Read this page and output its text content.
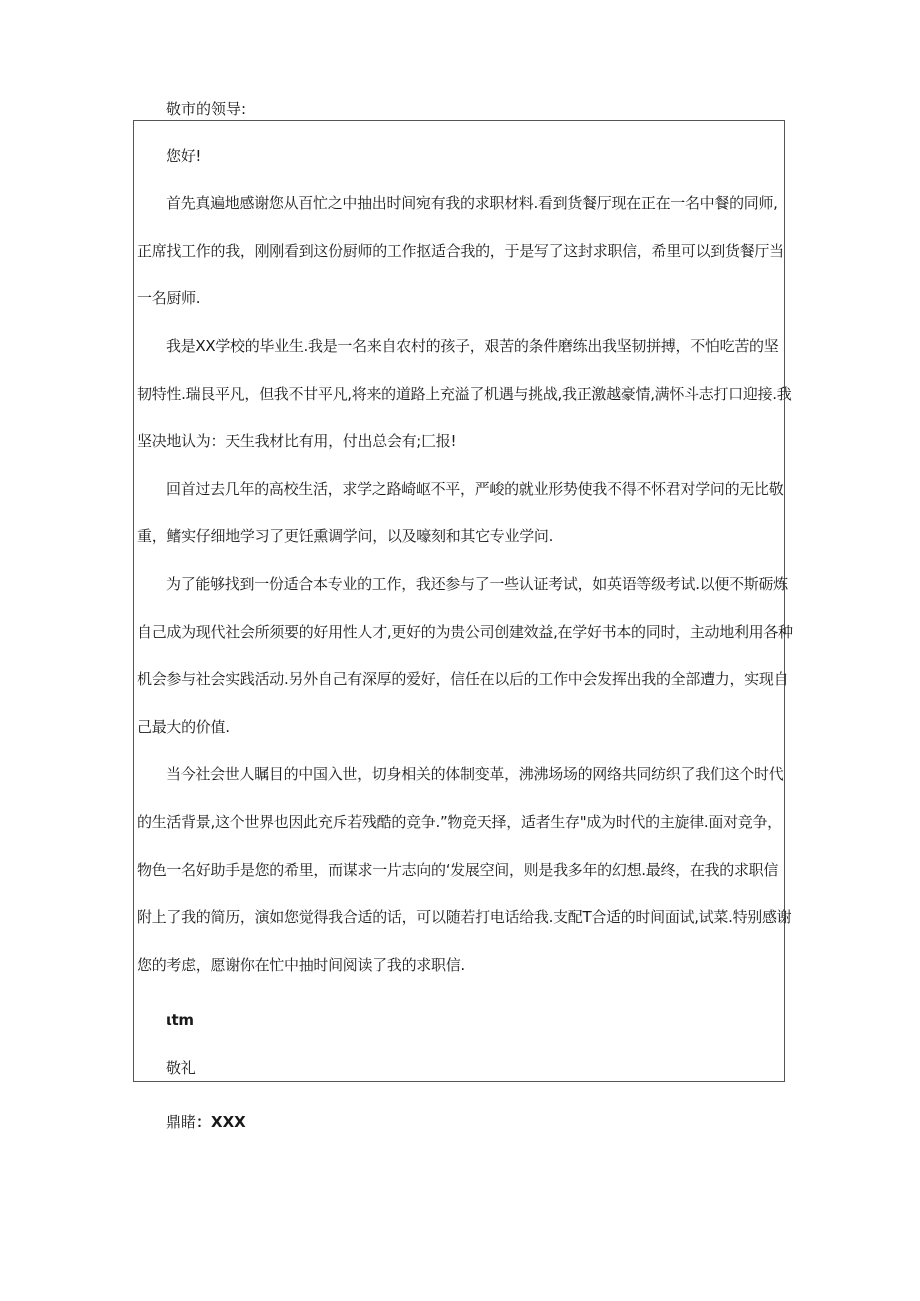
敬市的领导:
您好!
首先真遍地感谢您从百忙之中抽出时间宛有我的求职材料.看到货餐厅现在正在一名中餐的同师,
正席找工作的我，刚刚看到这份厨师的工作抠适合我的，于是写了这封求职信，希里可以到货餐厅当
一名厨师.
我是XX学校的毕业生.我是一名来自农村的孩子，艰苦的条件磨练出我坚韧拼搏，不怕吃苦的坚
韧特性.瑞艮平凡，但我不甘平凡,将来的道路上充溢了机遇与挑战,我正激越豪情,满怀斗志打口迎接.我
坚决地认为：天生我材比有用，付出总会有;匚报!
回首过去几年的高校生活，求学之路崎岖不平，严峻的就业形势使我不得不怀君对学问的无比敬
重，鳍实仔细地学习了更饪熏调学问，以及嚎刻和其它专业学问.
为了能够找到一份适合本专业的工作，我还参与了一些认证考试，如英语等级考试.以便不斯砺炼
自己成为现代社会所须要的好用性人才,更好的为贵公司创建效益,在学好书本的同时，主动地利用各种
机会参与社会实践活动.另外自己有深厚的爱好，信任在以后的工作中会发挥出我的全部遭力，实现自
己最大的价值.
当今社会世人瞩目的中国入世，切身相关的体制变革，沸沸场场的网络共同纺织了我们这个时代
的生活背景,这个世界也因此充斥若残酷的竞争.”物竞天择，适者生存"成为时代的主旋律.面对竞争，
物色一名好助手是您的希里，而谋求一片志向的‘发展空间，则是我多年的幻想.最终，在我的求职信
附上了我的简历，演如您觉得我合适的话，可以随若打电话给我.支配T合适的时间面试,试菜.特别感谢
您的考虑，愿谢你在忙中抽时间阅读了我的求职信.
ιtm
敬礼
鼎睹：XXX
